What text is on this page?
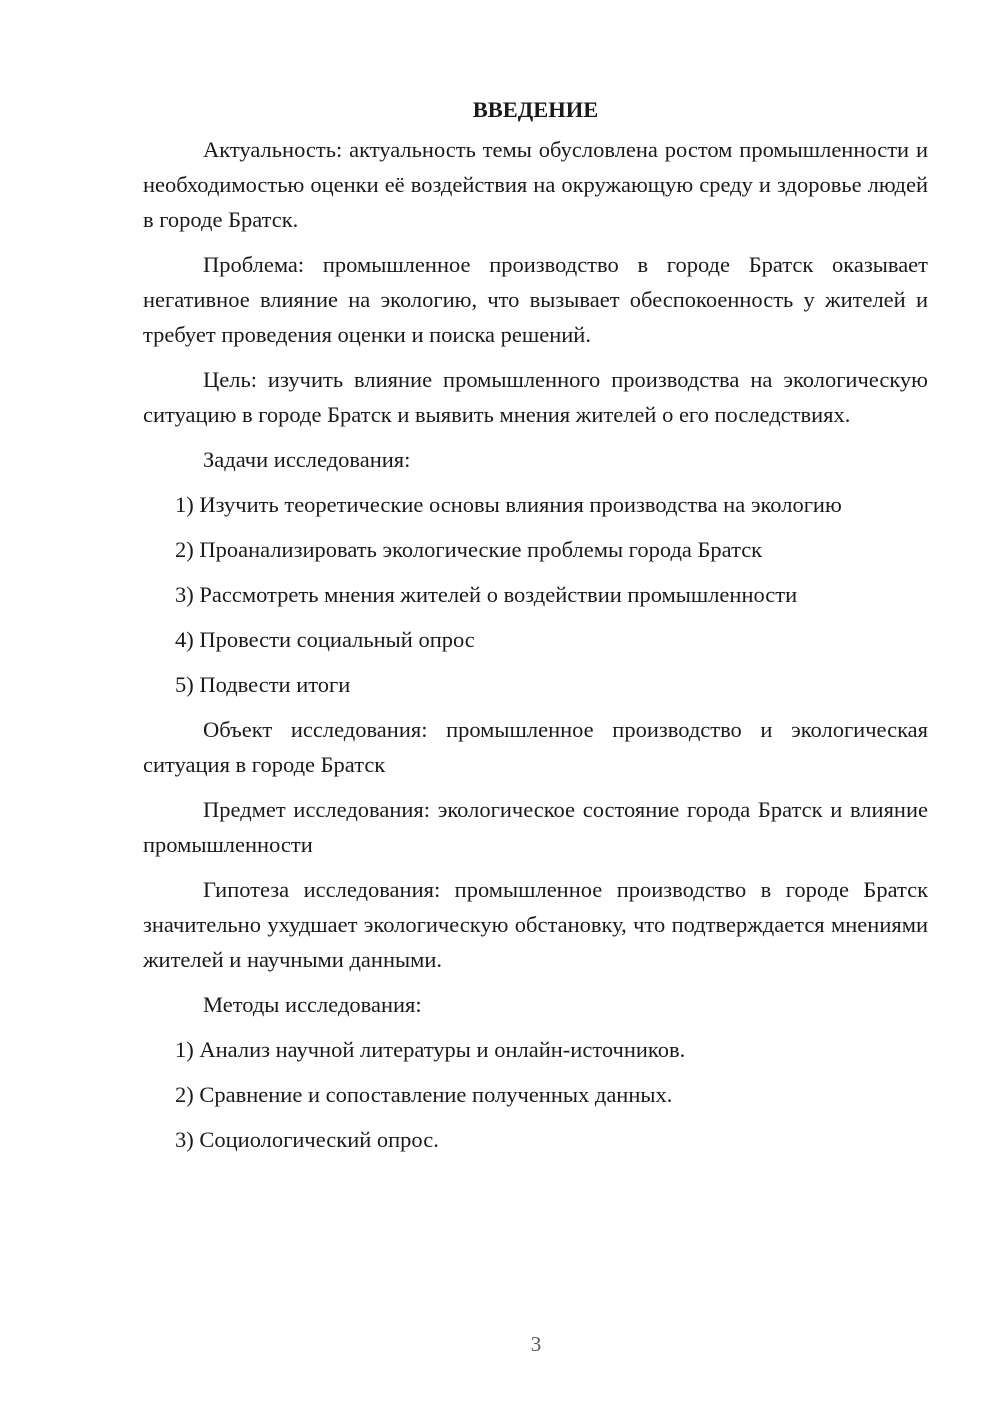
ВВЕДЕНИЕ

Актуальность: актуальность темы обусловлена ростом промышленности и необходимостью оценки её воздействия на окружающую среду и здоровье людей в городе Братск.

Проблема: промышленное производство в городе Братск оказывает негативное влияние на экологию, что вызывает обеспокоенность у жителей и требует проведения оценки и поиска решений.

Цель: изучить влияние промышленного производства на экологическую ситуацию в городе Братск и выявить мнения жителей о его последствиях.

Задачи исследования:
1) Изучить теоретические основы влияния производства на экологию
2) Проанализировать экологические проблемы города Братск
3) Рассмотреть мнения жителей о воздействии промышленности
4) Провести социальный опрос
5) Подвести итоги

Объект исследования: промышленное производство и экологическая ситуация в городе Братск

Предмет исследования: экологическое состояние города Братск и влияние промышленности

Гипотеза исследования: промышленное производство в городе Братск значительно ухудшает экологическую обстановку, что подтверждается мнениями жителей и научными данными.

Методы исследования:
1) Анализ научной литературы и онлайн-источников.
2) Сравнение и сопоставление полученных данных.
3) Социологический опрос.
3
